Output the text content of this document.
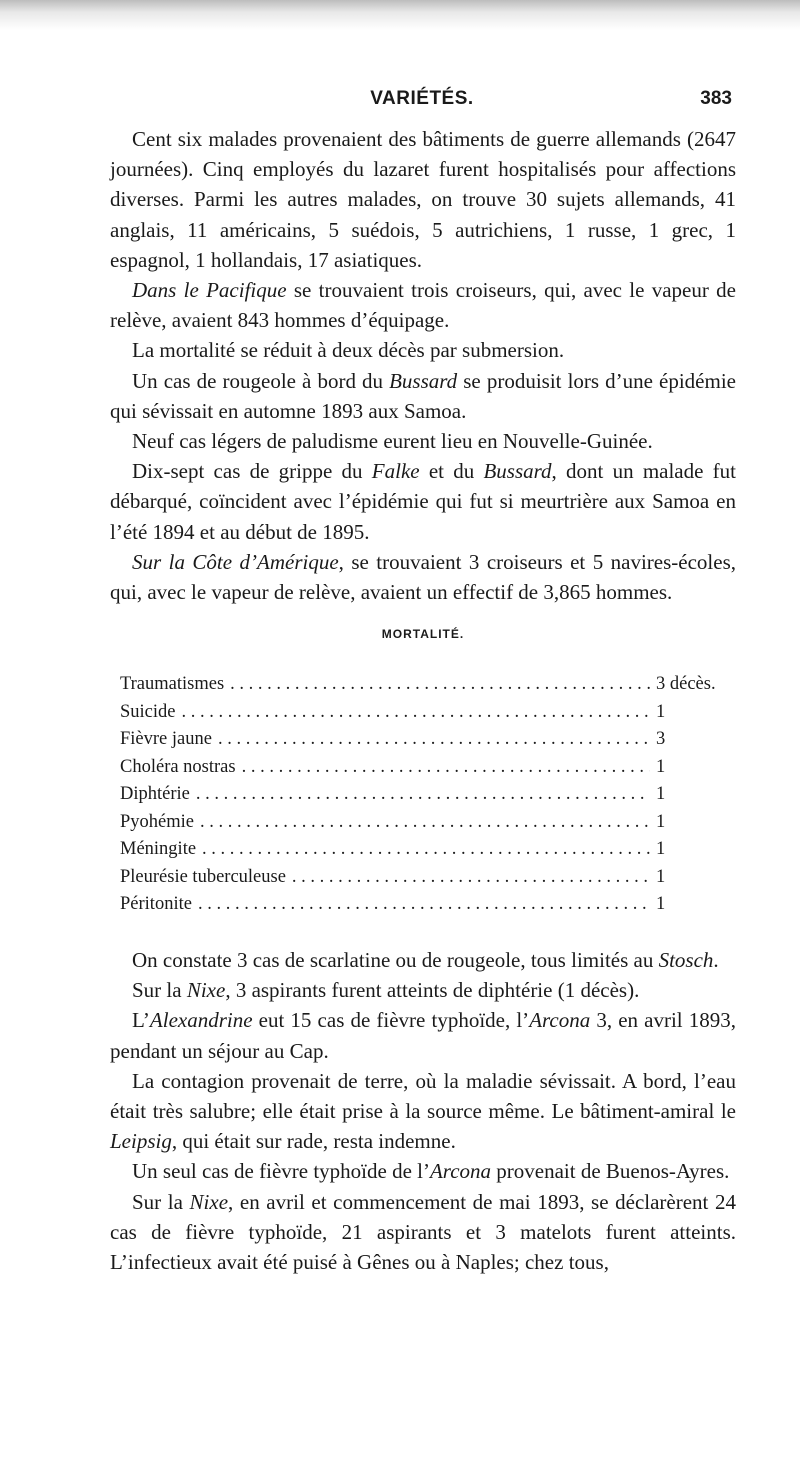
VARIÉTÉS.	383

Cent six malades provenaient des bâtiments de guerre allemands (2647 journées). Cinq employés du lazaret furent hospitalisés pour affections diverses. Parmi les autres malades, on trouve 30 sujets allemands, 41 anglais, 11 américains, 5 suédois, 5 autrichiens, 1 russe, 1 grec, 1 espagnol, 1 hollandais, 17 asiatiques.

Dans le Pacifique se trouvaient trois croiseurs, qui, avec le vapeur de relève, avaient 843 hommes d’équipage.

La mortalité se réduit à deux décès par submersion.

Un cas de rougeole à bord du Bussard se produisit lors d’une épidémie qui sévissait en automne 1893 aux Samoa.

Neuf cas légers de paludisme eurent lieu en Nouvelle-Guinée.

Dix-sept cas de grippe du Falke et du Bussard, dont un malade fut débarqué, coïncident avec l’épidémie qui fut si meurtrière aux Samoa en l’été 1894 et au début de 1895.

Sur la Côte d’Amérique, se trouvaient 3 croiseurs et 5 navires-écoles, qui, avec le vapeur de relève, avaient un effectif de 3,865 hommes.

MORTALITÉ.
Traumatismes . . .	3 décès.
Suicide . . .	1
Fièvre jaune . . .	3
Choléra nostras . . .	1
Diphtérie . . .	1
Pyohémie . . .	1
Méningite . . .	1
Pleurésie tuberculeuse . . .	1
Péritonite . . .	1

On constate 3 cas de scarlatine ou de rougeole, tous limités au Stosch.

Sur la Nixe, 3 aspirants furent atteints de diphtérie (1 décès).

L’Alexandrine eut 15 cas de fièvre typhoïde, l’Arcona 3, en avril 1893, pendant un séjour au Cap.

La contagion provenait de terre, où la maladie sévissait. A bord, l’eau était très salubre; elle était prise à la source même. Le bâtiment-amiral le Leipsig, qui était sur rade, resta indemne.

Un seul cas de fièvre typhoïde de l’Arcona provenait de Buenos-Ayres.

Sur la Nixe, en avril et commencement de mai 1893, se déclarèrent 24 cas de fièvre typhoïde, 21 aspirants et 3 matelots furent atteints. L’infectieux avait été puisé à Gênes ou à Naples; chez tous,
